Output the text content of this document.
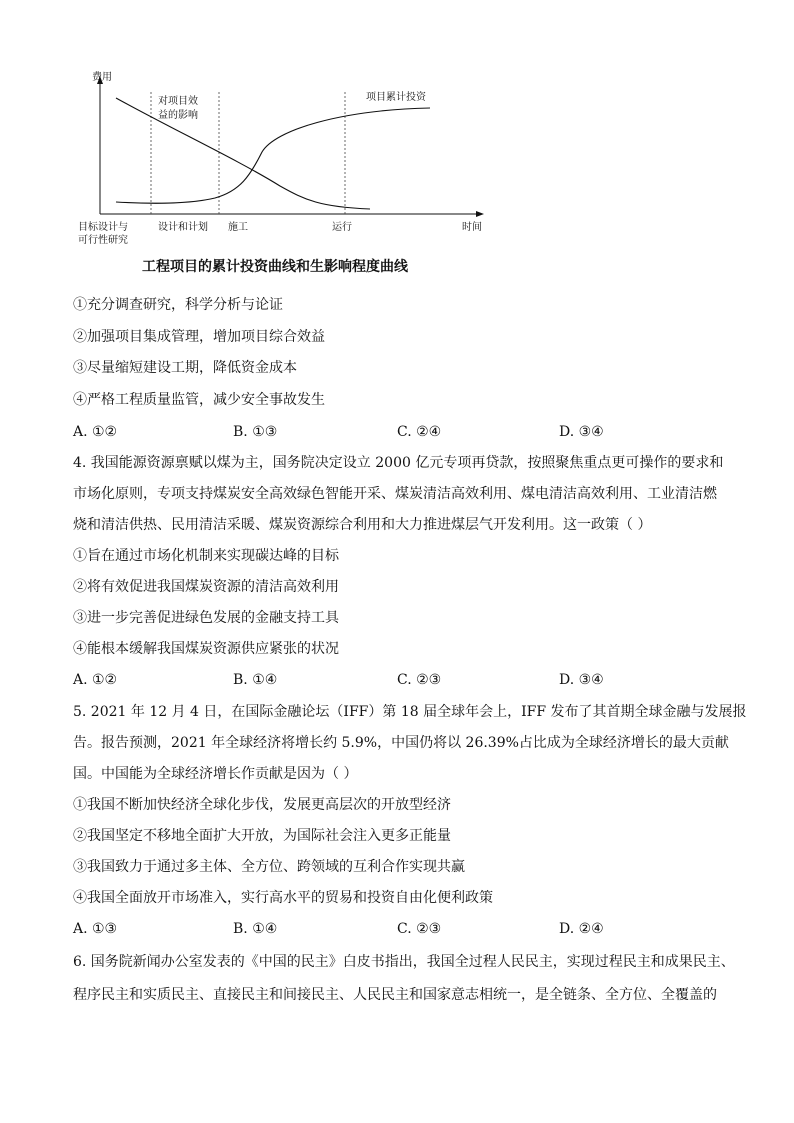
费用
时间
对项目效
益的影响
项目累计投资
目标设计与
可行性研究
设计和计划 施工	运行
工程项目的累计投资曲线和生影响程度曲线
①充分调查研究，科学分析与论证
②加强项目集成管理，增加项目综合效益
③尽量缩短建设工期，降低资金成本
④严格工程质量监管，减少安全事故发生
A. ①②	B. ①③	C. ②④	D. ③④
4. 我国能源资源禀赋以煤为主，国务院决定设立 2000 亿元专项再贷款，按照聚焦重点更可操作的要求和
市场化原则，专项支持煤炭安全高效绿色智能开采、煤炭清洁高效利用、煤电清洁高效利用、工业清洁燃
烧和清洁供热、民用清洁采暖、煤炭资源综合利用和大力推进煤层气开发利用。这一政策（ ）
①旨在通过市场化机制来实现碳达峰的目标
②将有效促进我国煤炭资源的清洁高效利用
③进一步完善促进绿色发展的金融支持工具
④能根本缓解我国煤炭资源供应紧张的状况
A. ①②	B. ①④	C. ②③	D. ③④
5. 2021 年 12 月 4 日，在国际金融论坛（IFF）第 18 届全球年会上，IFF 发布了其首期全球金融与发展报
告。报告预测，2021 年全球经济将增长约 5.9%，中国仍将以 26.39%占比成为全球经济增长的最大贡献
国。中国能为全球经济增长作贡献是因为（ ）
①我国不断加快经济全球化步伐，发展更高层次的开放型经济
②我国坚定不移地全面扩大开放，为国际社会注入更多正能量
③我国致力于通过多主体、全方位、跨领域的互利合作实现共赢
④我国全面放开市场准入，实行高水平的贸易和投资自由化便利政策
A. ①③	B. ①④	C. ②③	D. ②④
6. 国务院新闻办公室发表的《中国的民主》白皮书指出，我国全过程人民民主，实现过程民主和成果民主、
程序民主和实质民主、直接民主和间接民主、人民民主和国家意志相统一，是全链条、全方位、全覆盖的
